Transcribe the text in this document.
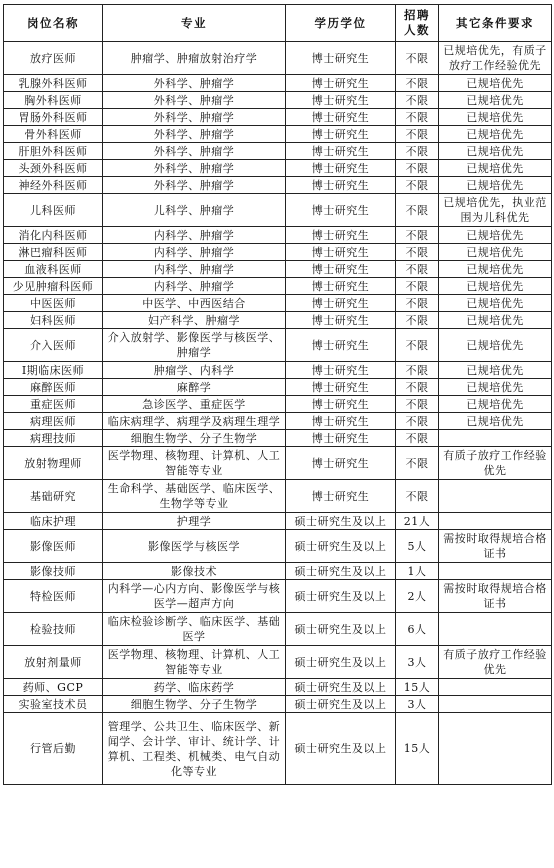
岗位名称	专业	学历学位	招聘人数	其它条件要求
放疗医师	肿瘤学、肿瘤放射治疗学	博士研究生	不限	已规培优先，有质子放疗工作经验优先
乳腺外科医师	外科学、肿瘤学	博士研究生	不限	已规培优先
胸外科医师	外科学、肿瘤学	博士研究生	不限	已规培优先
胃肠外科医师	外科学、肿瘤学	博士研究生	不限	已规培优先
骨外科医师	外科学、肿瘤学	博士研究生	不限	已规培优先
肝胆外科医师	外科学、肿瘤学	博士研究生	不限	已规培优先
头颈外科医师	外科学、肿瘤学	博士研究生	不限	已规培优先
神经外科医师	外科学、肿瘤学	博士研究生	不限	已规培优先
儿科医师	儿科学、肿瘤学	博士研究生	不限	已规培优先，执业范围为儿科优先
消化内科医师	内科学、肿瘤学	博士研究生	不限	已规培优先
淋巴瘤科医师	内科学、肿瘤学	博士研究生	不限	已规培优先
血液科医师	内科学、肿瘤学	博士研究生	不限	已规培优先
少见肿瘤科医师	内科学、肿瘤学	博士研究生	不限	已规培优先
中医医师	中医学、中西医结合	博士研究生	不限	已规培优先
妇科医师	妇产科学、肿瘤学	博士研究生	不限	已规培优先
介入医师	介入放射学、影像医学与核医学、肿瘤学	博士研究生	不限	已规培优先
I期临床医师	肿瘤学、内科学	博士研究生	不限	已规培优先
麻醉医师	麻醉学	博士研究生	不限	已规培优先
重症医师	急诊医学、重症医学	博士研究生	不限	已规培优先
病理医师	临床病理学、病理学及病理生理学	博士研究生	不限	已规培优先
病理技师	细胞生物学、分子生物学	博士研究生	不限	
放射物理师	医学物理、核物理、计算机、人工智能等专业	博士研究生	不限	有质子放疗工作经验优先
基础研究	生命科学、基础医学、临床医学、生物学等专业	博士研究生	不限	
临床护理	护理学	硕士研究生及以上	21人	
影像医师	影像医学与核医学	硕士研究生及以上	5人	需按时取得规培合格证书
影像技师	影像技术	硕士研究生及以上	1人	
特检医师	内科学—心内方向、影像医学与核医学—超声方向	硕士研究生及以上	2人	需按时取得规培合格证书
检验技师	临床检验诊断学、临床医学、基础医学	硕士研究生及以上	6人	
放射剂量师	医学物理、核物理、计算机、人工智能等专业	硕士研究生及以上	3人	有质子放疗工作经验优先
药师、GCP	药学、临床药学	硕士研究生及以上	15人	
实验室技术员	细胞生物学、分子生物学	硕士研究生及以上	3人	
行管后勤	管理学、公共卫生、临床医学、新闻学、会计学、审计、统计学、计算机、工程类、机械类、电气自动化等专业	硕士研究生及以上	15人	
